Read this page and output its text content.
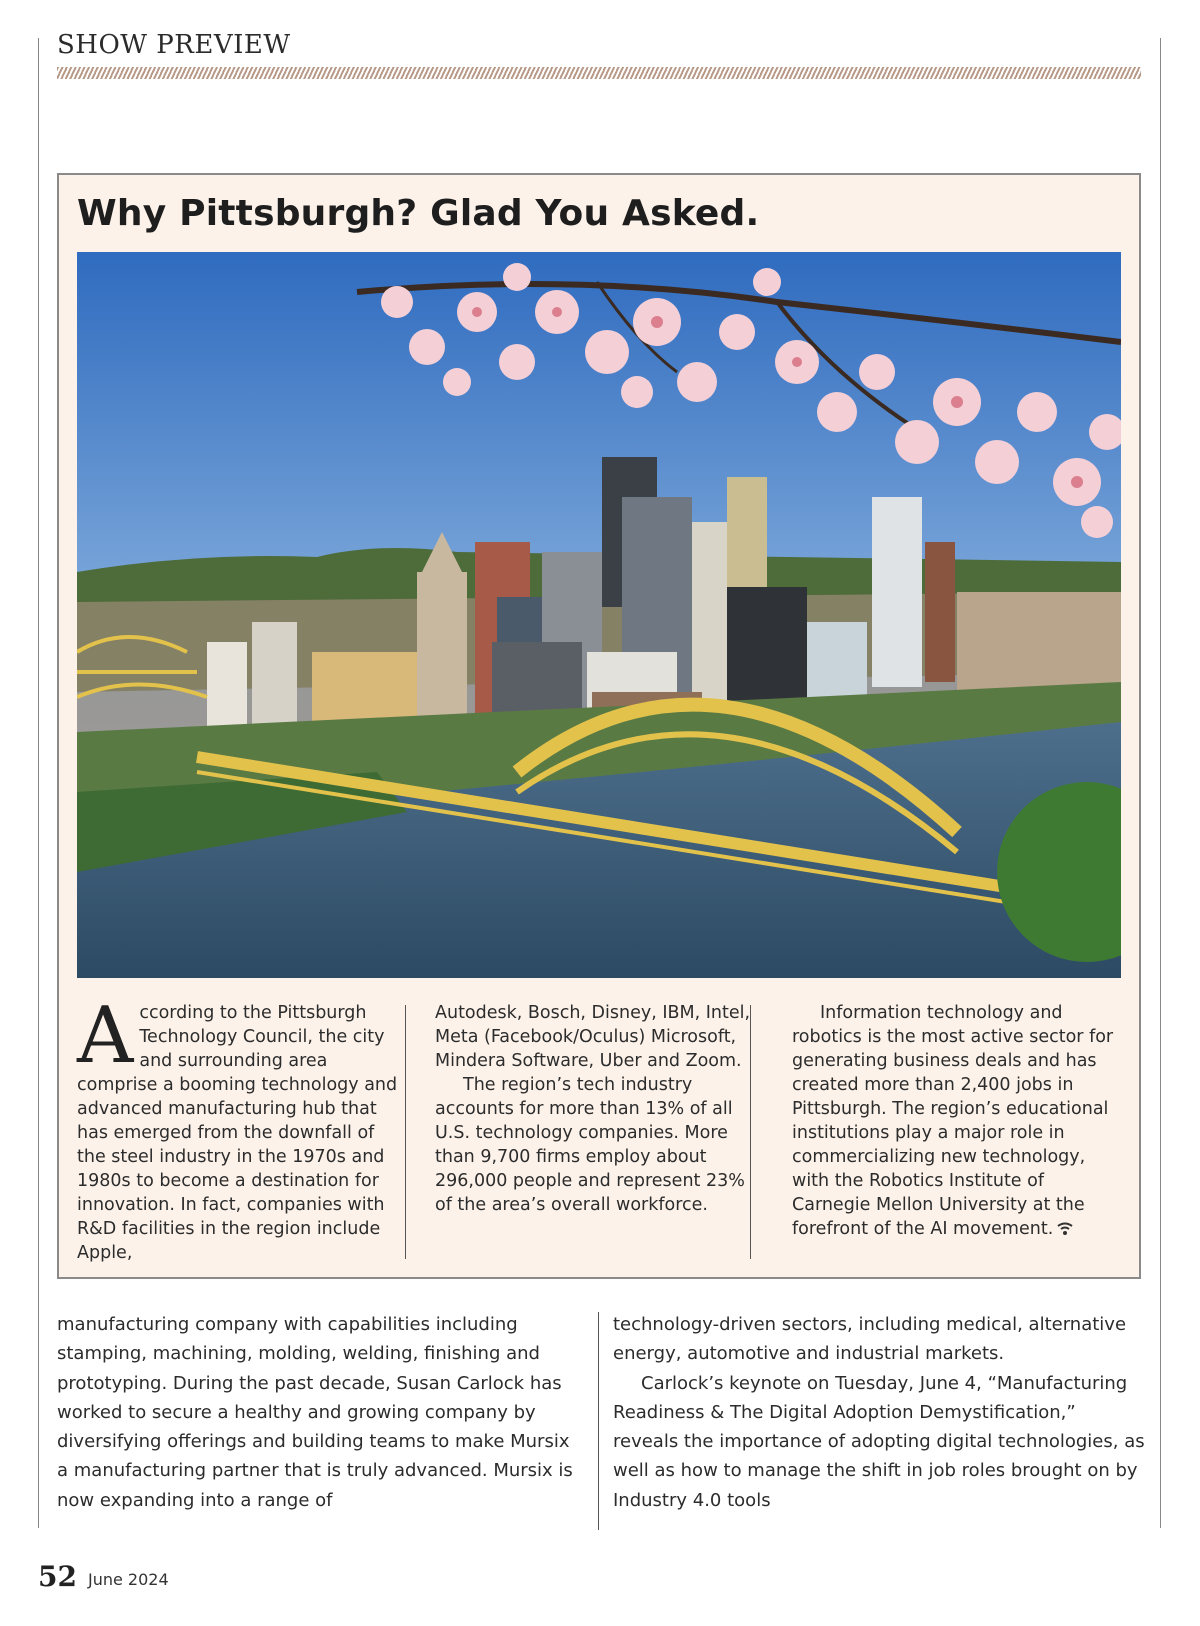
SHOW PREVIEW
Why Pittsburgh? Glad You Asked.
A ccording to the Pittsburgh Technology Council, the city and surrounding area comprise a booming technology and advanced manufacturing hub that has emerged from the downfall of the steel industry in the 1970s and 1980s to become a destination for innovation. In fact, companies with R&D facilities in the region include Apple,

Autodesk, Bosch, Disney, IBM, Intel, Meta (Facebook/Oculus) Microsoft, Mindera Software, Uber and Zoom.

The region’s tech industry accounts for more than 13% of all U.S. technology companies. More than 9,700 firms employ about 296,000 people and represent 23% of the area’s overall workforce.

Information technology and robotics is the most active sector for generating business deals and has created more than 2,400 jobs in Pittsburgh. The region’s educational institutions play a major role in commercializing new technology, with the Robotics Institute of Carnegie Mellon University at the forefront of the AI movement.

manufacturing company with capabilities including stamping, machining, molding, welding, finishing and prototyping. During the past decade, Susan Carlock has worked to secure a healthy and growing company by diversifying offerings and building teams to make Mursix a manufacturing partner that is truly advanced. Mursix is now expanding into a range of

technology-driven sectors, including medical, alternative energy, automotive and industrial markets.

Carlock’s keynote on Tuesday, June 4, “Manufacturing Readiness & The Digital Adoption Demystification,” reveals the importance of adopting digital technologies, as well as how to manage the shift in job roles brought on by Industry 4.0 tools

52 June 2024
